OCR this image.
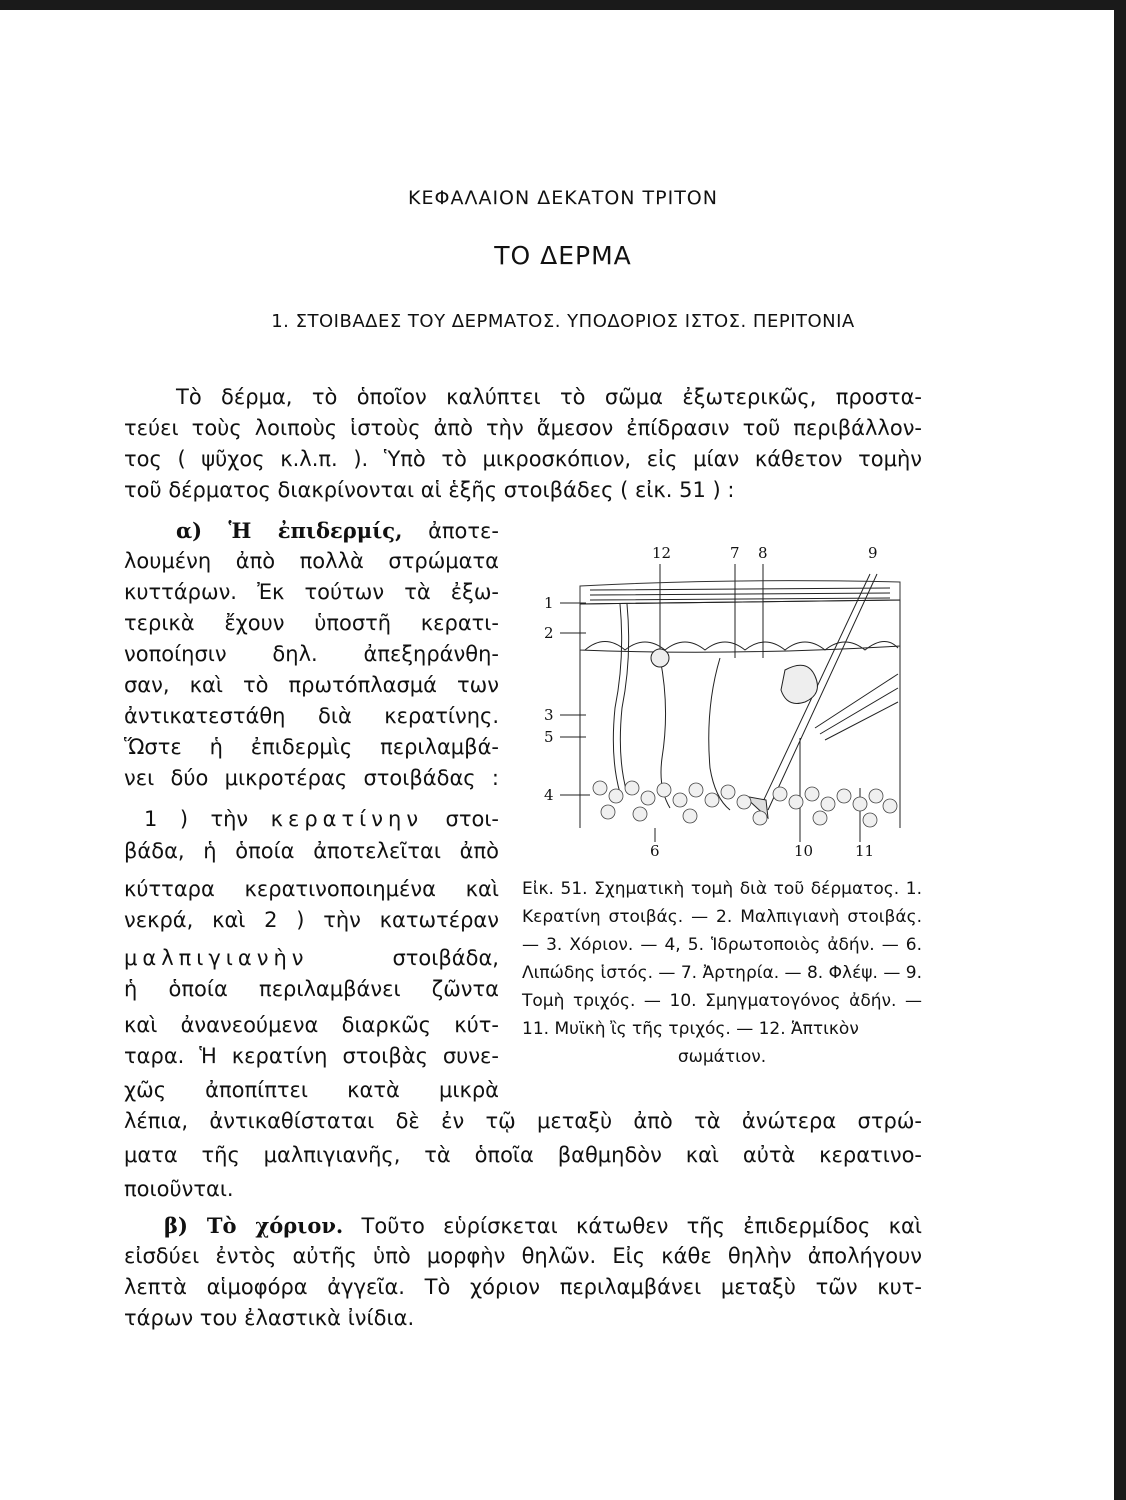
ΚΕΦΑΛΑΙΟΝ ΔΕΚΑΤΟΝ ΤΡΙΤΟΝ
ΤΟ ΔΕΡΜΑ
1. ΣΤΟΙΒΑΔΕΣ ΤΟΥ ΔΕΡΜΑΤΟΣ. ΥΠΟΔΟΡΙΟΣ ΙΣΤΟΣ. ΠΕΡΙΤΟΝΙΑ
Τὸ δέρμα, τὸ ὁποῖον καλύπτει τὸ σῶμα ἐξωτερικῶς, προστα-
τεύει τοὺς λοιποὺς ἱστοὺς ἀπὸ τὴν ἄμεσον ἐπίδρασιν τοῦ περιβάλλον-
τος ( ψῦχος κ.λ.π. ). Ὑπὸ τὸ μικροσκόπιον, εἰς μίαν κάθετον τομὴν
τοῦ δέρματος διακρίνονται αἱ ἑξῆς στοιβάδες ( εἰκ. 51 ) :
α) Ἡ ἐπιδερμίς, ἀποτε-
λουμένη ἀπὸ πολλὰ στρώματα
κυττάρων. Ἐκ τούτων τὰ ἐξω-
τερικὰ ἔχουν ὑποστῆ κερατι-
νοποίησιν δηλ. ἀπεξηράνθη-
σαν, καὶ τὸ πρωτόπλασμά των
ἀντικατεστάθη διὰ κερατίνης.
Ὥστε ἡ ἐπιδερμὶς περιλαμβά-
νει δύο μικροτέρας στοιβάδας :
1 ) τὴν κερατίνην στοι-
βάδα, ἡ ὁποία ἀποτελεῖται ἀπὸ
κύτταρα κερατινοποιημένα καὶ
νεκρά, καὶ 2 ) τὴν κατωτέραν
μαλπιγιανὴν	στοιβάδα,
ἡ ὁποία περιλαμβάνει ζῶντα
καὶ ἀνανεούμενα διαρκῶς κύτ-
ταρα. Ἡ κερατίνη στοιβὰς συνε-
χῶς ἀποπίπτει κατὰ μικρὰ
λέπια, ἀντικαθίσταται δὲ ἐν τῷ μεταξὺ ἀπὸ τὰ ἀνώτερα στρώ-
ματα τῆς μαλπιγιανῆς, τὰ ὁποῖα βαθμηδὸν καὶ αὐτὰ κερατινο-
ποιοῦνται.
β) Τὸ χόριον. Τοῦτο εὑρίσκεται κάτωθεν τῆς ἐπιδερμίδος καὶ
εἰσδύει ἐντὸς αὐτῆς ὑπὸ μορφὴν θηλῶν. Εἰς κάθε θηλὴν ἀπολήγουν
λεπτὰ αἱμοφόρα ἀγγεῖα. Τὸ χόριον περιλαμβάνει μεταξὺ τῶν κυτ-
τάρων του ἐλαστικὰ ἰνίδια.
12	7 8	9
1
2
3
5
4
6	10	11
Εἰκ. 51. Σχηματικὴ τομὴ διὰ τοῦ δέρματος. 1. Κερατίνη στοιβάς. — 2. Μαλπιγιανὴ στοιβάς. — 3. Χόριον. — 4, 5. Ἱδρωτοποιὸς ἀδήν. — 6. Λιπώδης ἱστός. — 7. Ἀρτηρία. — 8. Φλέψ. — 9. Τομὴ τριχός. — 10. Σμηγματογόνος ἀδήν. — 11. Μυϊκὴ ἲς τῆς τριχός. — 12. Ἁπτικὸν
σωμάτιον.
